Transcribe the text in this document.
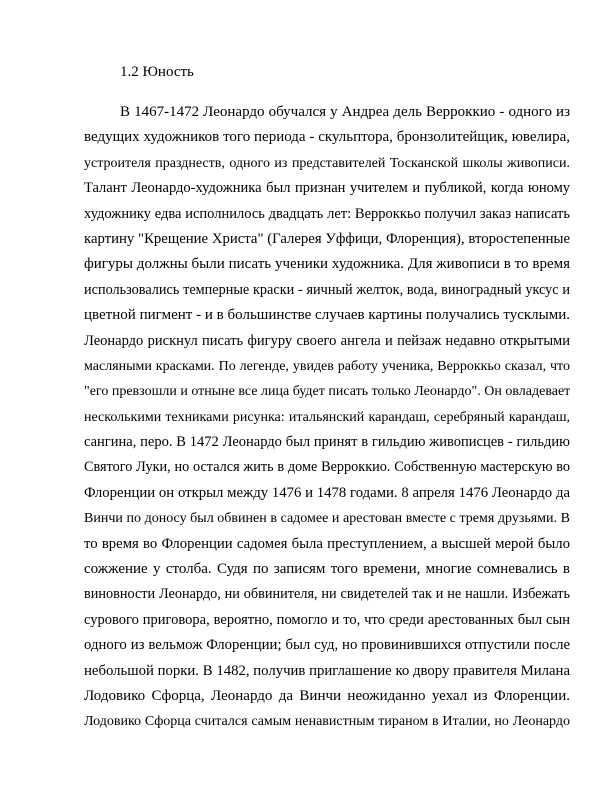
1.2 Юность
В 1467-1472 Леонардо обучался у Андреа дель Верроккио - одного из
ведущих художников того периода - скульптора, бронзолитейщик, ювелира,
устроителя празднеств, одного из представителей Тосканской школы живописи.
Талант Леонардо-художника был признан учителем и публикой, когда юному
художнику едва исполнилось двадцать лет: Верроккьо получил заказ написать
картину "Крещение Христа" (Галерея Уффици, Флоренция), второстепенные
фигуры должны были писать ученики художника. Для живописи в то время
использовались темперные краски - яичный желток, вода, виноградный уксус и
цветной пигмент - и в большинстве случаев картины получались тусклыми.
Леонардо рискнул писать фигуру своего ангела и пейзаж недавно открытыми
масляными красками. По легенде, увидев работу ученика, Верроккьо сказал, что
"его превзошли и отныне все лица будет писать только Леонардо". Он овладевает
несколькими техниками рисунка: итальянский карандаш, серебряный карандаш,
сангина, перо. В 1472 Леонардо был принят в гильдию живописцев - гильдию
Святого Луки, но остался жить в доме Верроккио. Собственную мастерскую во
Флоренции он открыл между 1476 и 1478 годами. 8 апреля 1476 Леонардо да
Винчи по доносу был обвинен в садомее и арестован вместе с тремя друзьями. В
то время во Флоренции садомея была преступлением, а высшей мерой было
сожжение у столба. Судя по записям того времени, многие сомневались в
виновности Леонардо, ни обвинителя, ни свидетелей так и не нашли. Избежать
сурового приговора, вероятно, помогло и то, что среди арестованных был сын
одного из вельмож Флоренции; был суд, но провинившихся отпустили после
небольшой порки. В 1482, получив приглашение ко двору правителя Милана
Лодовико Сфорца, Леонардо да Винчи неожиданно уехал из Флоренции.
Лодовико Сфорца считался самым ненавистным тираном в Италии, но Леонардо
